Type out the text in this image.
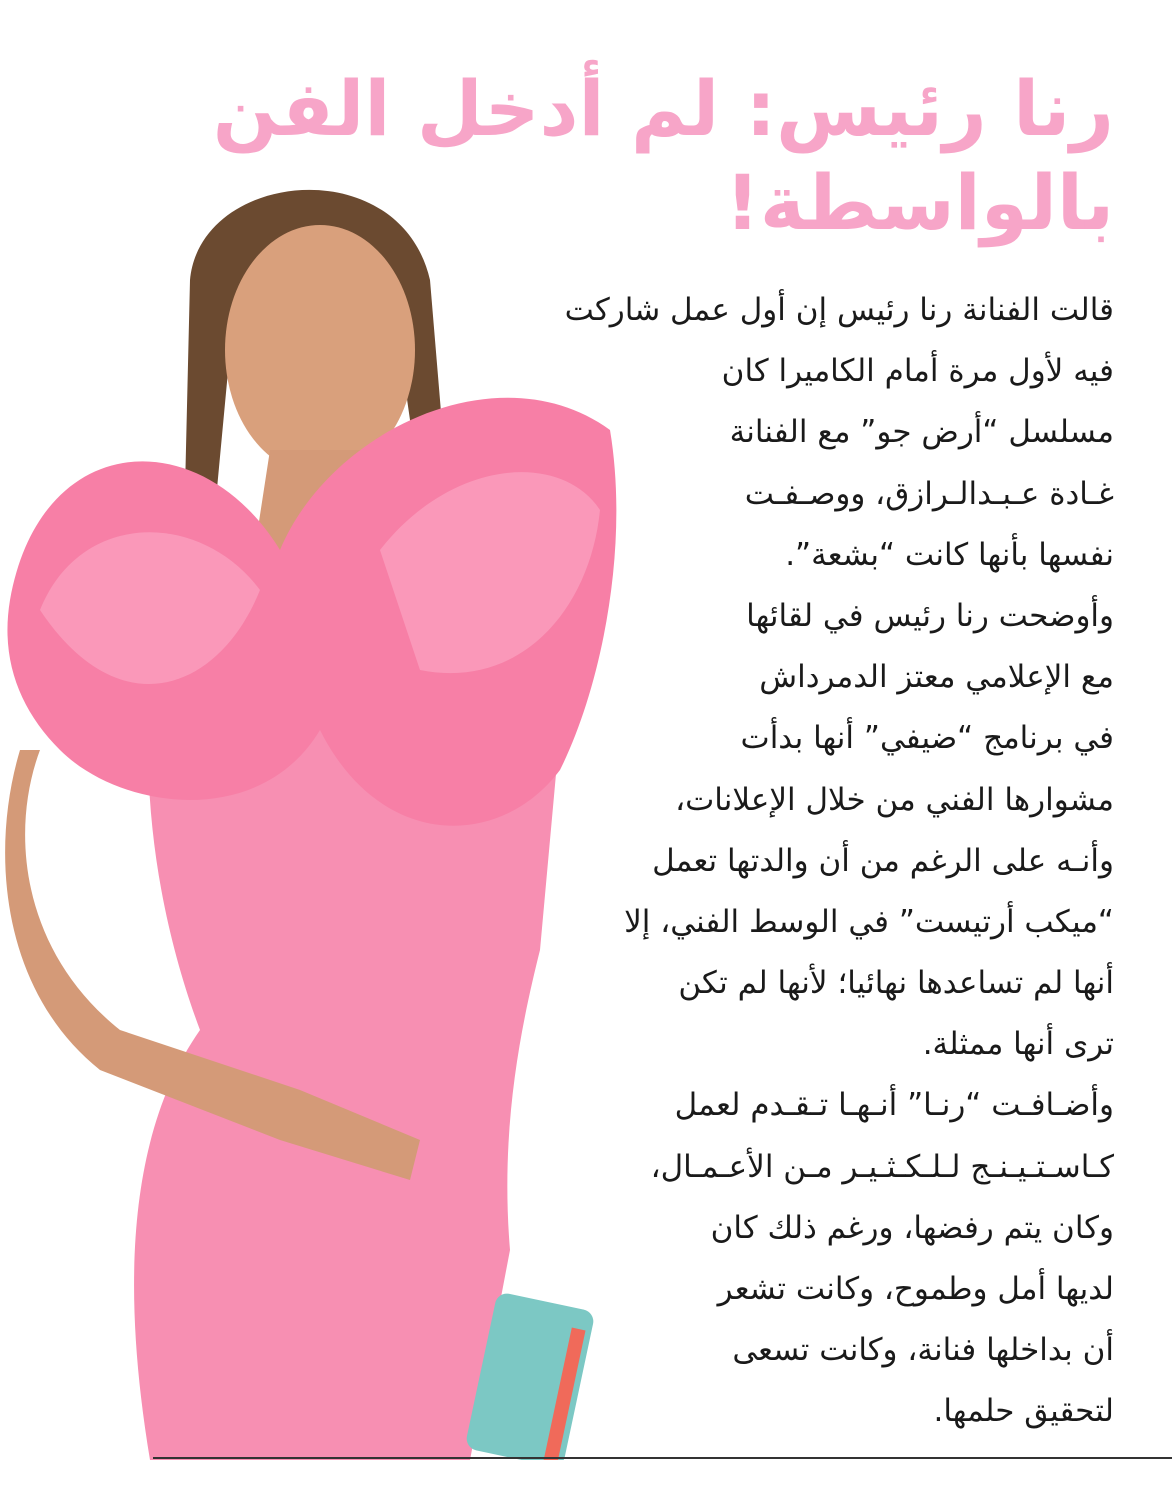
رنا رئيس: لم أدخل الفن
بالواسطة!
قالت الفنانة رنا رئيس إن أول عمل شاركت
فيه لأول مرة أمام الكاميرا كان
مسلسل “أرض جو” مع الفنانة
غـادة عـبـدالـرازق، ووصـفـت
نفسها بأنها كانت “بشعة”.
وأوضحت رنا رئيس في لقائها
مع الإعلامي معتز الدمرداش
في برنامج “ضيفي” أنها بدأت
مشوارها الفني من خلال الإعلانات،
وأنـه على الرغم من أن والدتها تعمل
“ميكب أرتيست” في الوسط الفني، إلا
أنها لم تساعدها نهائيا؛ لأنها لم تكن
ترى أنها ممثلة.
وأضـافـت “رنـا” أنـهـا تـقـدم لعمل
كـاسـتـيـنـج لـلـكـثـيـر مـن الأعـمـال،
وكان يتم رفضها، ورغم ذلك كان
لديها أمل وطموح، وكانت تشعر
أن بداخلها فنانة، وكانت تسعى
لتحقيق حلمها.
